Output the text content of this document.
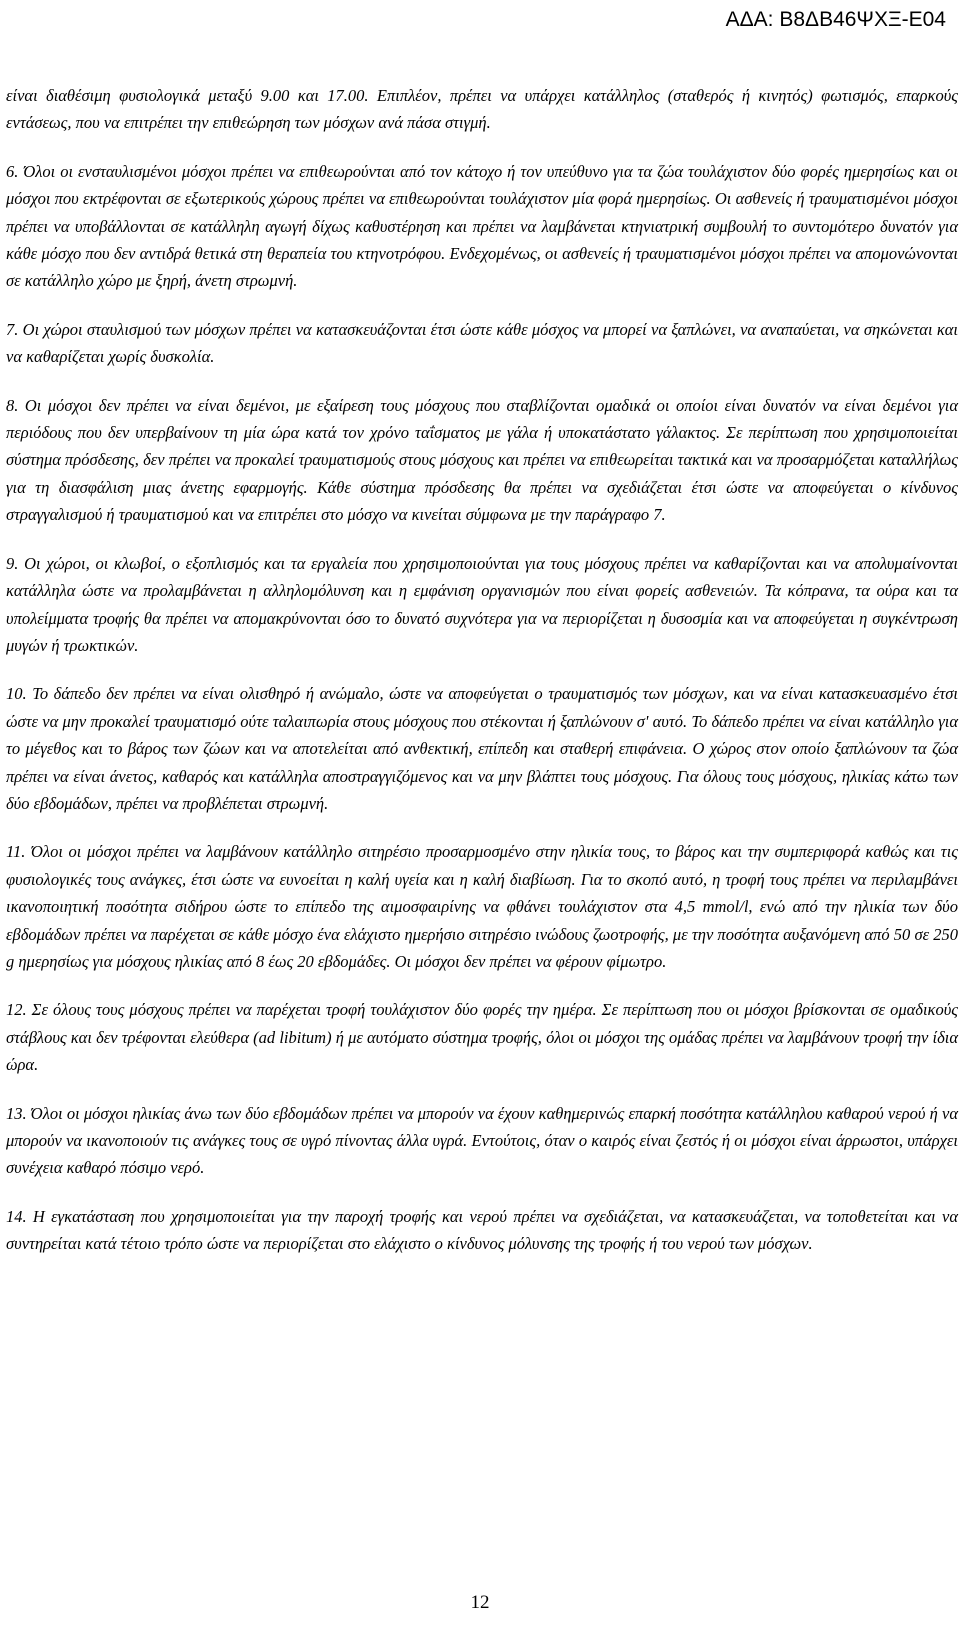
ΑΔΑ: Β8ΔΒ46ΨΧΞ-Ε04

είναι διαθέσιμη φυσιολογικά μεταξύ 9.00 και 17.00. Επιπλέον, πρέπει να υπάρχει κατάλληλος (σταθερός ή κινητός) φωτισμός, επαρκούς εντάσεως, που να επιτρέπει την επιθεώρηση των μόσχων ανά πάσα στιγμή.

6. Όλοι οι ενσταυλισμένοι μόσχοι πρέπει να επιθεωρούνται από τον κάτοχο ή τον υπεύθυνο για τα ζώα τουλάχιστον δύο φορές ημερησίως και οι μόσχοι που εκτρέφονται σε εξωτερικούς χώρους πρέπει να επιθεωρούνται τουλάχιστον μία φορά ημερησίως. Οι ασθενείς ή τραυματισμένοι μόσχοι πρέπει να υποβάλλονται σε κατάλληλη αγωγή δίχως καθυστέρηση και πρέπει να λαμβάνεται κτηνιατρική συμβουλή το συντομότερο δυνατόν για κάθε μόσχο που δεν αντιδρά θετικά στη θεραπεία του κτηνοτρόφου. Ενδεχομένως, οι ασθενείς ή τραυματισμένοι μόσχοι πρέπει να απομονώνονται σε κατάλληλο χώρο με ξηρή, άνετη στρωμνή.

7. Οι χώροι σταυλισμού των μόσχων πρέπει να κατασκευάζονται έτσι ώστε κάθε μόσχος να μπορεί να ξαπλώνει, να αναπαύεται, να σηκώνεται και να καθαρίζεται χωρίς δυσκολία.

8. Οι μόσχοι δεν πρέπει να είναι δεμένοι, με εξαίρεση τους μόσχους που σταβλίζονται ομαδικά οι οποίοι είναι δυνατόν να είναι δεμένοι για περιόδους που δεν υπερβαίνουν τη μία ώρα κατά τον χρόνο ταΐσματος με γάλα ή υποκατάστατο γάλακτος. Σε περίπτωση που χρησιμοποιείται σύστημα πρόσδεσης, δεν πρέπει να προκαλεί τραυματισμούς στους μόσχους και πρέπει να επιθεωρείται τακτικά και να προσαρμόζεται καταλλήλως για τη διασφάλιση μιας άνετης εφαρμογής. Κάθε σύστημα πρόσδεσης θα πρέπει να σχεδιάζεται έτσι ώστε να αποφεύγεται ο κίνδυνος στραγγαλισμού ή τραυματισμού και να επιτρέπει στο μόσχο να κινείται σύμφωνα με την παράγραφο 7.

9. Οι χώροι, οι κλωβοί, ο εξοπλισμός και τα εργαλεία που χρησιμοποιούνται για τους μόσχους πρέπει να καθαρίζονται και να απολυμαίνονται κατάλληλα ώστε να προλαμβάνεται η αλληλομόλυνση και η εμφάνιση οργανισμών που είναι φορείς ασθενειών. Τα κόπρανα, τα ούρα και τα υπολείμματα τροφής θα πρέπει να απομακρύνονται όσο το δυνατό συχνότερα για να περιορίζεται η δυσοσμία και να αποφεύγεται η συγκέντρωση μυγών ή τρωκτικών.

10. Το δάπεδο δεν πρέπει να είναι ολισθηρό ή ανώμαλο, ώστε να αποφεύγεται ο τραυματισμός των μόσχων, και να είναι κατασκευασμένο έτσι ώστε να μην προκαλεί τραυματισμό ούτε ταλαιπωρία στους μόσχους που στέκονται ή ξαπλώνουν σ' αυτό. Το δάπεδο πρέπει να είναι κατάλληλο για το μέγεθος και το βάρος των ζώων και να αποτελείται από ανθεκτική, επίπεδη και σταθερή επιφάνεια. Ο χώρος στον οποίο ξαπλώνουν τα ζώα πρέπει να είναι άνετος, καθαρός και κατάλληλα αποστραγγιζόμενος και να μην βλάπτει τους μόσχους. Για όλους τους μόσχους, ηλικίας κάτω των δύο εβδομάδων, πρέπει να προβλέπεται στρωμνή.

11. Όλοι οι μόσχοι πρέπει να λαμβάνουν κατάλληλο σιτηρέσιο προσαρμοσμένο στην ηλικία τους, το βάρος και την συμπεριφορά καθώς και τις φυσιολογικές τους ανάγκες, έτσι ώστε να ευνοείται η καλή υγεία και η καλή διαβίωση. Για το σκοπό αυτό, η τροφή τους πρέπει να περιλαμβάνει ικανοποιητική ποσότητα σιδήρου ώστε το επίπεδο της αιμοσφαιρίνης να φθάνει τουλάχιστον στα 4,5 mmol/l, ενώ από την ηλικία των δύο εβδομάδων πρέπει να παρέχεται σε κάθε μόσχο ένα ελάχιστο ημερήσιο σιτηρέσιο ινώδους ζωοτροφής, με την ποσότητα αυξανόμενη από 50 σε 250 g ημερησίως για μόσχους ηλικίας από 8 έως 20 εβδομάδες. Οι μόσχοι δεν πρέπει να φέρουν φίμωτρο.

12. Σε όλους τους μόσχους πρέπει να παρέχεται τροφή τουλάχιστον δύο φορές την ημέρα. Σε περίπτωση που οι μόσχοι βρίσκονται σε ομαδικούς στάβλους και δεν τρέφονται ελεύθερα (ad libitum) ή με αυτόματο σύστημα τροφής, όλοι οι μόσχοι της ομάδας πρέπει να λαμβάνουν τροφή την ίδια ώρα.

13. Όλοι οι μόσχοι ηλικίας άνω των δύο εβδομάδων πρέπει να μπορούν να έχουν καθημερινώς επαρκή ποσότητα κατάλληλου καθαρού νερού ή να μπορούν να ικανοποιούν τις ανάγκες τους σε υγρό πίνοντας άλλα υγρά. Εντούτοις, όταν ο καιρός είναι ζεστός ή οι μόσχοι είναι άρρωστοι, υπάρχει συνέχεια καθαρό πόσιμο νερό.

14. Η εγκατάσταση που χρησιμοποιείται για την παροχή τροφής και νερού πρέπει να σχεδιάζεται, να κατασκευάζεται, να τοποθετείται και να συντηρείται κατά τέτοιο τρόπο ώστε να περιορίζεται στο ελάχιστο ο κίνδυνος μόλυνσης της τροφής ή του νερού των μόσχων.

12
